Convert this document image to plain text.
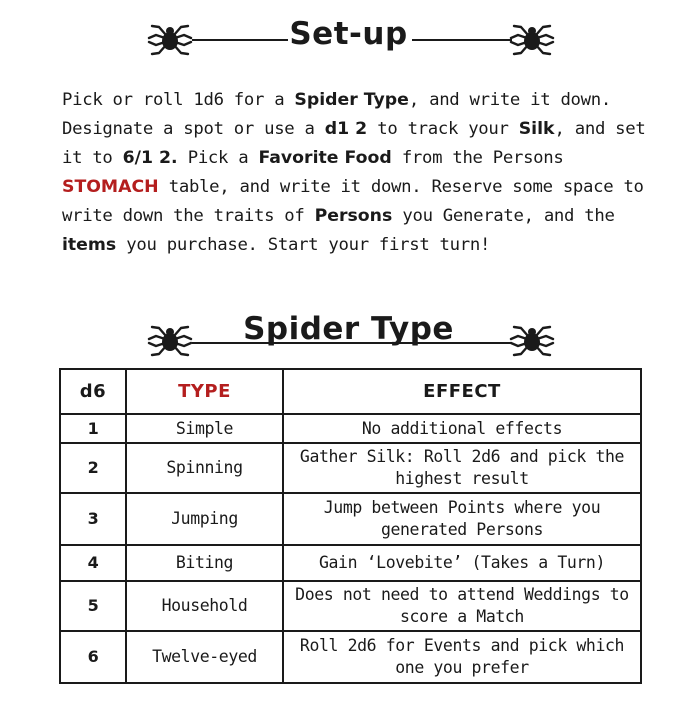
Set-up
Pick or roll 1d6 for a Spider Type, and write it down. Designate a spot or use a d1 2 to track your Silk, and set it to 6/1 2. Pick a Favorite Food from the Persons STOMACH table, and write it down. Reserve some space to write down the traits of Persons you Generate, and the items you purchase. Start your first turn!
Spider Type
d6	TYPE	EFFECT
1	Simple	No additional effects
2	Spinning	Gather Silk: Roll 2d6 and pick the highest result
3	Jumping	Jump between Points where you generated Persons
4	Biting	Gain ‘Lovebite’ (Takes a Turn)
5	Household	Does not need to attend Weddings to score a Match
6	Twelve-eyed	Roll 2d6 for Events and pick which one you prefer
